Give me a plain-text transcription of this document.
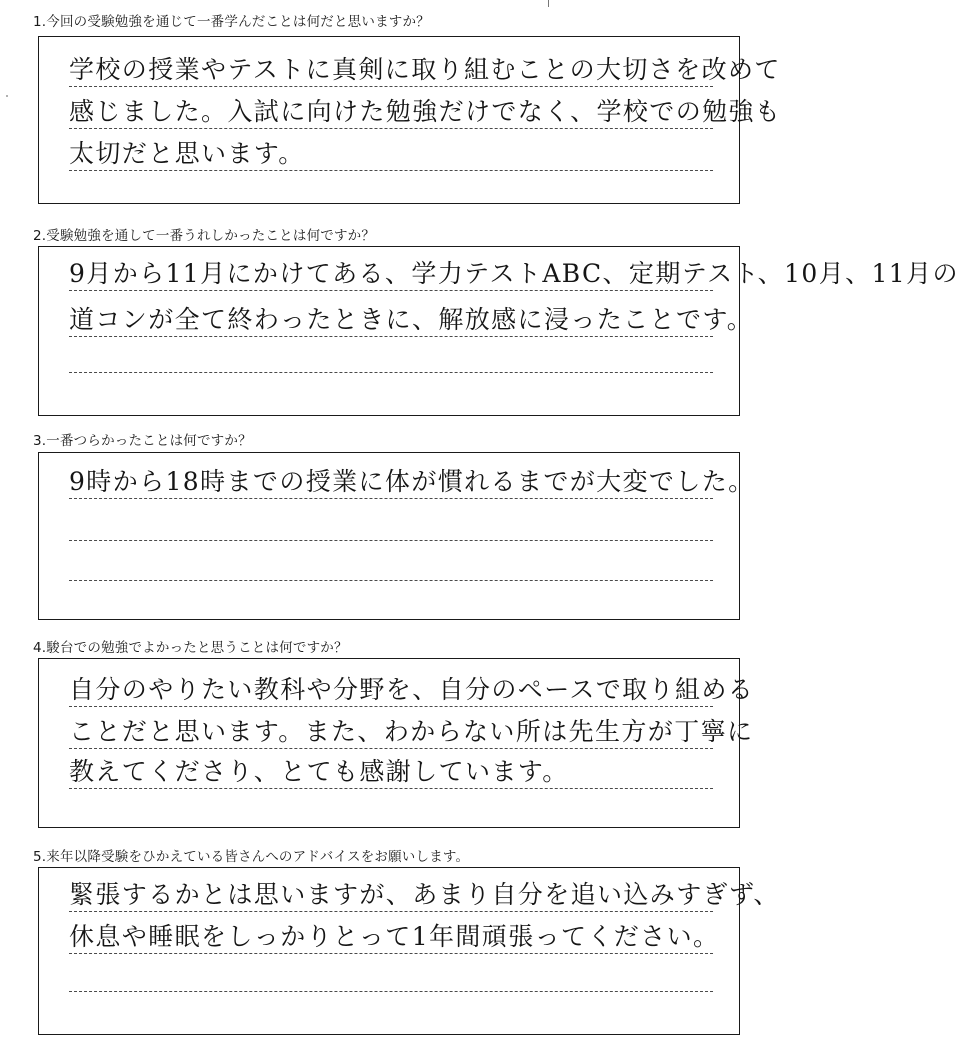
1.今回の受験勉強を通じて一番学んだことは何だと思いますか？
学校の授業やテストに真剣に取り組むことの大切さを改めて
感じました。入試に向けた勉強だけでなく、学校での勉強も
太切だと思います。
2.受験勉強を通して一番うれしかったことは何ですか？
9月から11月にかけてある、学力テストABC、定期テスト、10月、11月の
道コンが全て終わったときに、解放感に浸ったことです。
3.一番つらかったことは何ですか？
9時から18時までの授業に体が慣れるまでが大変でした。
4.駿台での勉強でよかったと思うことは何ですか？
自分のやりたい教科や分野を、自分のペースで取り組める
ことだと思います。また、わからない所は先生方が丁寧に
教えてくださり、とても感謝しています。
5.来年以降受験をひかえている皆さんへのアドバイスをお願いします。
緊張するかとは思いますが、あまり自分を追い込みすぎず、
休息や睡眠をしっかりとって1年間頑張ってください。
